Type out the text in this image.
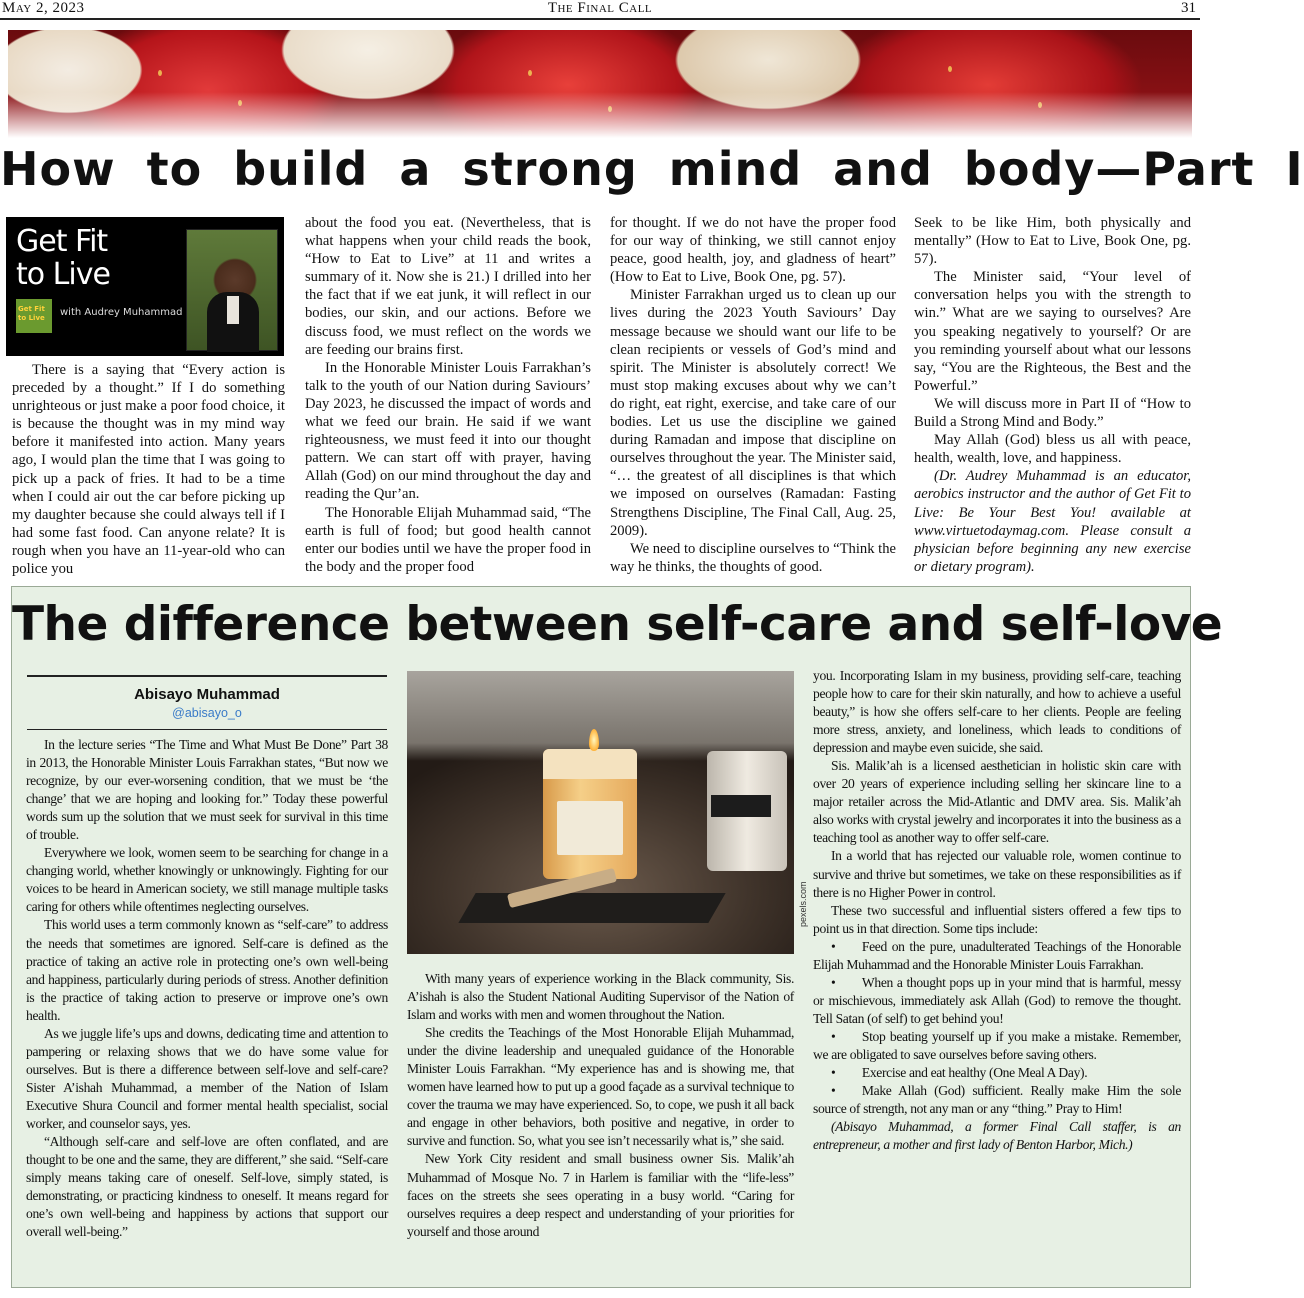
May 2, 2023	The Final Call	31
How to build a strong mind and body—Part I
Get Fit
to Live
Get Fit to Live	with Audrey Muhammad

There is a saying that “Every action is preceded by a thought.” If I do something unrighteous or just make a poor food choice, it is because the thought was in my mind way before it manifested into action. Many years ago, I would plan the time that I was going to pick up a pack of fries. It had to be a time when I could air out the car before picking up my daughter because she could always tell if I had some fast food. Can anyone relate? It is rough when you have an 11-year-old who can police you

about the food you eat. (Nevertheless, that is what happens when your child reads the book, “How to Eat to Live” at 11 and writes a summary of it. Now she is 21.) I drilled into her the fact that if we eat junk, it will reflect in our bodies, our skin, and our actions. Before we discuss food, we must reflect on the words we are feeding our brains first.

In the Honorable Minister Louis Farrakhan’s talk to the youth of our Nation during Saviours’ Day 2023, he discussed the impact of words and what we feed our brain. He said if we want righteousness, we must feed it into our thought pattern. We can start off with prayer, having Allah (God) on our mind throughout the day and reading the Qur’an.

The Honorable Elijah Muhammad said, “The earth is full of food; but good health cannot enter our bodies until we have the proper food in the body and the proper food

for thought. If we do not have the proper food for our way of thinking, we still cannot enjoy peace, good health, joy, and gladness of heart” (How to Eat to Live, Book One, pg. 57).

Minister Farrakhan urged us to clean up our lives during the 2023 Youth Saviours’ Day message because we should want our life to be clean recipients or vessels of God’s mind and spirit. The Minister is absolutely correct! We must stop making excuses about why we can’t do right, eat right, exercise, and take care of our bodies. Let us use the discipline we gained during Ramadan and impose that discipline on ourselves throughout the year. The Minister said, “… the greatest of all disciplines is that which we imposed on ourselves (Ramadan: Fasting Strengthens Discipline, The Final Call, Aug. 25, 2009).

We need to discipline ourselves to “Think the way he thinks, the thoughts of good.

Seek to be like Him, both physically and mentally” (How to Eat to Live, Book One, pg. 57).

The Minister said, “Your level of conversation helps you with the strength to win.” What are we saying to ourselves? Are you speaking negatively to yourself? Or are you reminding yourself about what our lessons say, “You are the Righteous, the Best and the Powerful.”

We will discuss more in Part II of “How to Build a Strong Mind and Body.”

May Allah (God) bless us all with peace, health, wealth, love, and happiness.

(Dr. Audrey Muhammad is an educator, aerobics instructor and the author of Get Fit to Live: Be Your Best You! available at www.virtuetodaymag.com. Please consult a physician before beginning any new exercise or dietary program).

The difference between self-care and self-love
Abisayo Muhammad
@abisayo_o

In the lecture series “The Time and What Must Be Done” Part 38 in 2013, the Honorable Minister Louis Farrakhan states, “But now we recognize, by our ever-worsening condition, that we must be ‘the change’ that we are hoping and looking for.” Today these powerful words sum up the solution that we must seek for survival in this time of trouble.

Everywhere we look, women seem to be searching for change in a changing world, whether knowingly or unknowingly. Fighting for our voices to be heard in American society, we still manage multiple tasks caring for others while oftentimes neglecting ourselves.

This world uses a term commonly known as “self-care” to address the needs that sometimes are ignored. Self-care is defined as the practice of taking an active role in protecting one’s own well-being and happiness, particularly during periods of stress. Another definition is the practice of taking action to preserve or improve one’s own health.

As we juggle life’s ups and downs, dedicating time and attention to pampering or relaxing shows that we do have some value for ourselves. But is there a difference between self-love and self-care? Sister A’ishah Muhammad, a member of the Nation of Islam Executive Shura Council and former mental health specialist, social worker, and counselor says, yes.

“Although self-care and self-love are often conflated, and are thought to be one and the same, they are different,” she said. “Self-care simply means taking care of oneself. Self-love, simply stated, is demonstrating, or practicing kindness to oneself. It means regard for one’s own well-being and happiness by actions that support our overall well-being.”

pexels.com

With many years of experience working in the Black community, Sis. A’ishah is also the Student National Auditing Supervisor of the Nation of Islam and works with men and women throughout the Nation.

She credits the Teachings of the Most Honorable Elijah Muhammad, under the divine leadership and unequaled guidance of the Honorable Minister Louis Farrakhan. “My experience has and is showing me, that women have learned how to put up a good façade as a survival technique to cover the trauma we may have experienced. So, to cope, we push it all back and engage in other behaviors, both positive and negative, in order to survive and function. So, what you see isn’t necessarily what is,” she said.

New York City resident and small business owner Sis. Malik’ah Muhammad of Mosque No. 7 in Harlem is familiar with the “life-less” faces on the streets she sees operating in a busy world. “Caring for ourselves requires a deep respect and understanding of your priorities for yourself and those around

you. Incorporating Islam in my business, providing self-care, teaching people how to care for their skin naturally, and how to achieve a useful beauty,” is how she offers self-care to her clients. People are feeling more stress, anxiety, and loneliness, which leads to conditions of depression and maybe even suicide, she said.

Sis. Malik’ah is a licensed aesthetician in holistic skin care with over 20 years of experience including selling her skincare line to a major retailer across the Mid-Atlantic and DMV area. Sis. Malik’ah also works with crystal jewelry and incorporates it into the business as a teaching tool as another way to offer self-care.

In a world that has rejected our valuable role, women continue to survive and thrive but sometimes, we take on these responsibilities as if there is no Higher Power in control.

These two successful and influential sisters offered a few tips to point us in that direction. Some tips include:

•  Feed on the pure, unadulterated Teachings of the Honorable Elijah Muhammad and the Honorable Minister Louis Farrakhan.

•  When a thought pops up in your mind that is harmful, messy or mischievous, immediately ask Allah (God) to remove the thought. Tell Satan (of self) to get behind you!

•  Stop beating yourself up if you make a mistake. Remember, we are obligated to save ourselves before saving others.

•  Exercise and eat healthy (One Meal A Day).

•  Make Allah (God) sufficient. Really make Him the sole source of strength, not any man or any “thing.” Pray to Him!

(Abisayo Muhammad, a former Final Call staffer, is an entrepreneur, a mother and first lady of Benton Harbor, Mich.)
